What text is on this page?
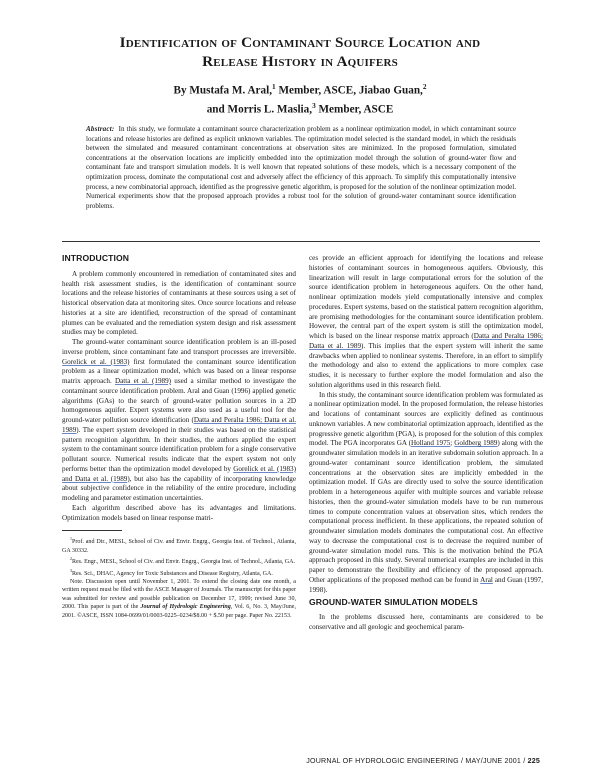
Identification of Contaminant Source Location and
Release History in Aquifers
By Mustafa M. Aral,$^1$ Member, ASCE, Jiabao Guan,$^2$
and Morris L. Maslia,$^3$ Member, ASCE
Abstract: In this study, we formulate a contaminant source characterization problem as a nonlinear optimization model, in which contaminant source locations and release histories are defined as explicit unknown variables. The optimization model selected is the standard model, in which the residuals between the simulated and measured contaminant concentrations at observation sites are minimized. In the proposed formulation, simulated concentrations at the observation locations are implicitly embedded into the optimization model through the solution of ground-water flow and contaminant fate and transport simulation models. It is well known that repeated solutions of these models, which is a necessary component of the optimization process, dominate the computational cost and adversely affect the efficiency of this approach. To simplify this computationally intensive process, a new combinatorial approach, identified as the progressive genetic algorithm, is proposed for the solution of the nonlinear optimization model. Numerical experiments show that the proposed approach provides a robust tool for the solution of ground-water contaminant source identification problems.
INTRODUCTION

A problem commonly encountered in remediation of contaminated sites and health risk assessment studies, is the identification of contaminant source locations and the release histories of contaminants at these sources using a set of historical observation data at monitoring sites. Once source locations and release histories at a site are identified, reconstruction of the spread of contaminant plumes can be evaluated and the remediation system design and risk assessment studies may be completed.

The ground-water contaminant source identification problem is an ill-posed inverse problem, since contaminant fate and transport processes are irreversible. Gorelick et al. (1983) first formulated the contaminant source identification problem as a linear optimization model, which was based on a linear response matrix approach. Datta et al. (1989) used a similar method to investigate the contaminant source identification problem. Aral and Guan (1996) applied genetic algorithms (GAs) to the search of ground-water pollution sources in a 2D homogeneous aquifer. Expert systems were also used as a useful tool for the ground-water pollution source identification (Datta and Peralta 1986; Datta et al. 1989). The expert system developed in their studies was based on the statistical pattern recognition algorithm. In their studies, the authors applied the expert system to the contaminant source identification problem for a single conservative pollutant source. Numerical results indicate that the expert system not only performs better than the optimization model developed by Gorelick et al. (1983) and Datta et al. (1989), but also has the capability of incorporating knowledge about subjective confidence in the reliability of the entire procedure, including modeling and parameter estimation uncertainties.

Each algorithm described above has its advantages and limitations. Optimization models based on linear response matri-

$^1$Prof. and Dir., MESL, School of Civ. and Envir. Engrg., Georgia Inst. of Technol., Atlanta, GA 30332.

$^2$Res. Engr., MESL, School of Civ. and Envir. Engrg., Georgia Inst. of Technol., Atlanta, GA.

$^3$Res. Sci., DHAC, Agency for Toxic Substances and Disease Registry, Atlanta, GA.

Note. Discussion open until November 1, 2001. To extend the closing date one month, a written request must be filed with the ASCE Manager of Journals. The manuscript for this paper was submitted for review and possible publication on December 17, 1999; revised June 30, 2000. This paper is part of the Journal of Hydrologic Engineering, Vol. 6, No. 3, May/June, 2001. ©ASCE, ISSN 1084-0699/01/0003-0225–0234/$8.00 + $.50 per page. Paper No. 22153.

ces provide an efficient approach for identifying the locations and release histories of contaminant sources in homogeneous aquifers. Obviously, this linearization will result in large computational errors for the solution of the source identification problem in heterogeneous aquifers. On the other hand, nonlinear optimization models yield computationally intensive and complex procedures. Expert systems, based on the statistical pattern recognition algorithm, are promising methodologies for the contaminant source identification problem. However, the central part of the expert system is still the optimization model, which is based on the linear response matrix approach (Datta and Peralta 1986; Datta et al. 1989). This implies that the expert system will inherit the same drawbacks when applied to nonlinear systems. Therefore, in an effort to simplify the methodology and also to extend the applications to more complex case studies, it is necessary to further explore the model formulation and also the solution algorithms used in this research field.

In this study, the contaminant source identification problem was formulated as a nonlinear optimization model. In the proposed formulation, the release histories and locations of contaminant sources are explicitly defined as continuous unknown variables. A new combinatorial optimization approach, identified as the progressive genetic algorithm (PGA), is proposed for the solution of this complex model. The PGA incorporates GA (Holland 1975; Goldberg 1989) along with the groundwater simulation models in an iterative subdomain solution approach. In a ground-water contaminant source identification problem, the simulated concentrations at the observation sites are implicitly embedded in the optimization model. If GAs are directly used to solve the source identification problem in a heterogeneous aquifer with multiple sources and variable release histories, then the ground-water simulation models have to be run numerous times to compute concentration values at observation sites, which renders the computational process inefficient. In these applications, the repeated solution of groundwater simulation models dominates the computational cost. An effective way to decrease the computational cost is to decrease the required number of ground-water simulation model runs. This is the motivation behind the PGA approach proposed in this study. Several numerical examples are included in this paper to demonstrate the flexibility and efficiency of the proposed approach. Other applications of the proposed method can be found in Aral and Guan (1997, 1998).

GROUND-WATER SIMULATION MODELS

In the problems discussed here, contaminants are considered to be conservative and all geologic and geochemical param-

JOURNAL OF HYDROLOGIC ENGINEERING / MAY/JUNE 2001 / 225
